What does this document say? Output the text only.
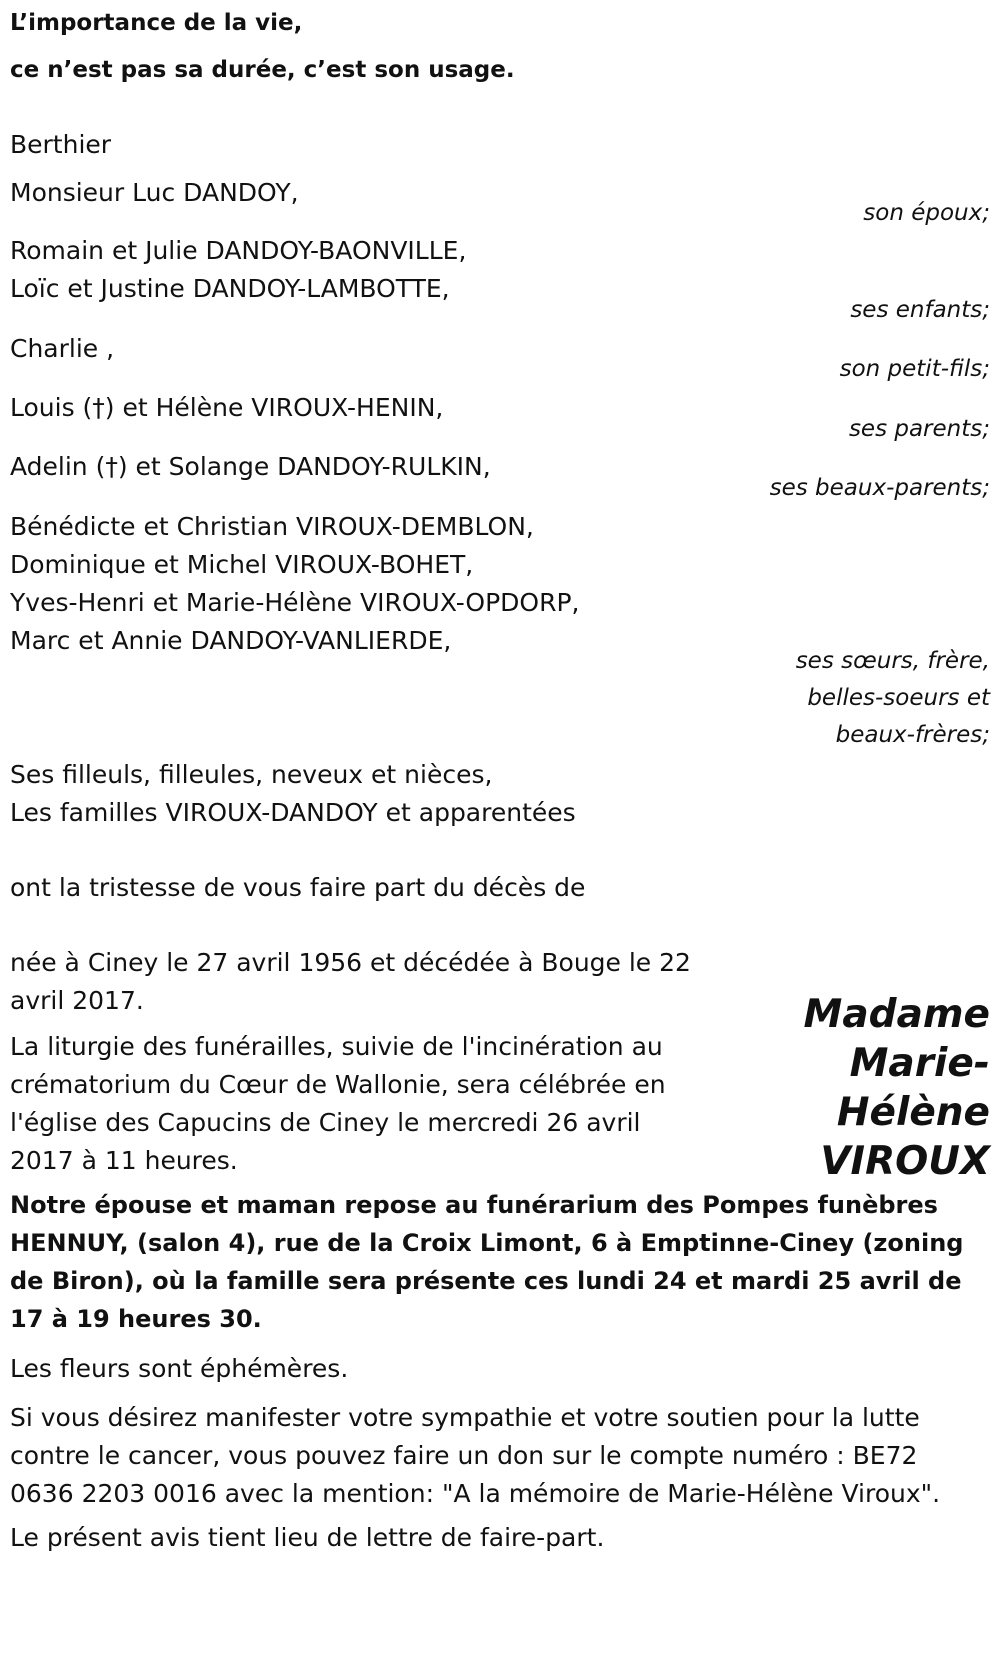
L’importance de la vie,
ce n’est pas sa durée, c’est son usage.
Berthier
Monsieur Luc DANDOY,
son époux;
Romain et Julie DANDOY-BAONVILLE,
Loïc et Justine DANDOY-LAMBOTTE,
ses enfants;
Charlie ,
son petit-fils;
Louis (†) et Hélène VIROUX-HENIN,
ses parents;
Adelin (†) et Solange DANDOY-RULKIN,
ses beaux-parents;
Bénédicte et Christian VIROUX-DEMBLON,
Dominique et Michel VIROUX-BOHET,
Yves-Henri et Marie-Hélène VIROUX-OPDORP,
Marc et Annie DANDOY-VANLIERDE,
ses sœurs, frère,
belles-soeurs et
beaux-frères;
Ses filleuls, filleules, neveux et nièces,
Les familles VIROUX-DANDOY et apparentées
ont la tristesse de vous faire part du décès de
Madame
Marie-
Hélène
VIROUX
née à Ciney le 27 avril 1956 et décédée à Bouge le 22 avril 2017.
La liturgie des funérailles, suivie de l'incinération au crématorium du Cœur de Wallonie, sera célébrée en l'église des Capucins de Ciney le mercredi 26 avril 2017 à 11 heures.
Notre épouse et maman repose au funérarium des Pompes funèbres HENNUY, (salon 4), rue de la Croix Limont, 6 à Emptinne-Ciney (zoning de Biron), où la famille sera présente ces lundi 24 et mardi 25 avril de 17 à 19 heures 30.
Les fleurs sont éphémères.
Si vous désirez manifester votre sympathie et votre soutien pour la lutte contre le cancer, vous pouvez faire un don sur le compte numéro : BE72 0636 2203 0016 avec la mention: "A la mémoire de Marie-Hélène Viroux".
Le présent avis tient lieu de lettre de faire-part.
